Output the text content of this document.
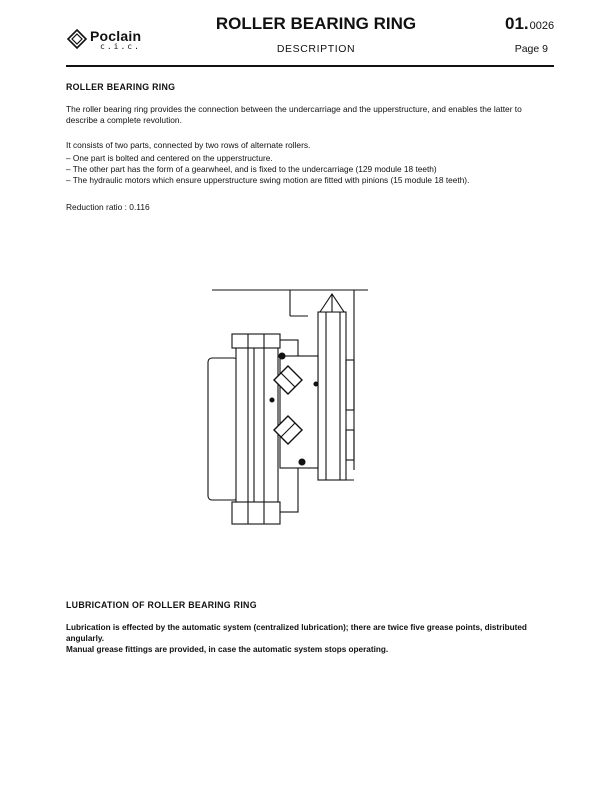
Poclain
c.i.c.
ROLLER BEARING RING
DESCRIPTION
01.0026
Page 9
ROLLER BEARING RING

The roller bearing ring provides the connection between the undercarriage and the upperstructure, and enables the latter to describe a complete revolution.

It consists of two parts, connected by two rows of alternate rollers.

– One part is bolted and centered on the upperstructure.
– The other part has the form of a gearwheel, and is fixed to the undercarriage (129 module 18 teeth)
– The hydraulic motors which ensure upperstructure swing motion are fitted with pinions (15 module 18 teeth).
Reduction ratio : 0.116
LUBRICATION OF ROLLER BEARING RING

Lubrication is effected by the automatic system (centralized lubrication); there are twice five grease points, distributed angularly.

Manual grease fittings are provided, in case the automatic system stops operating.
